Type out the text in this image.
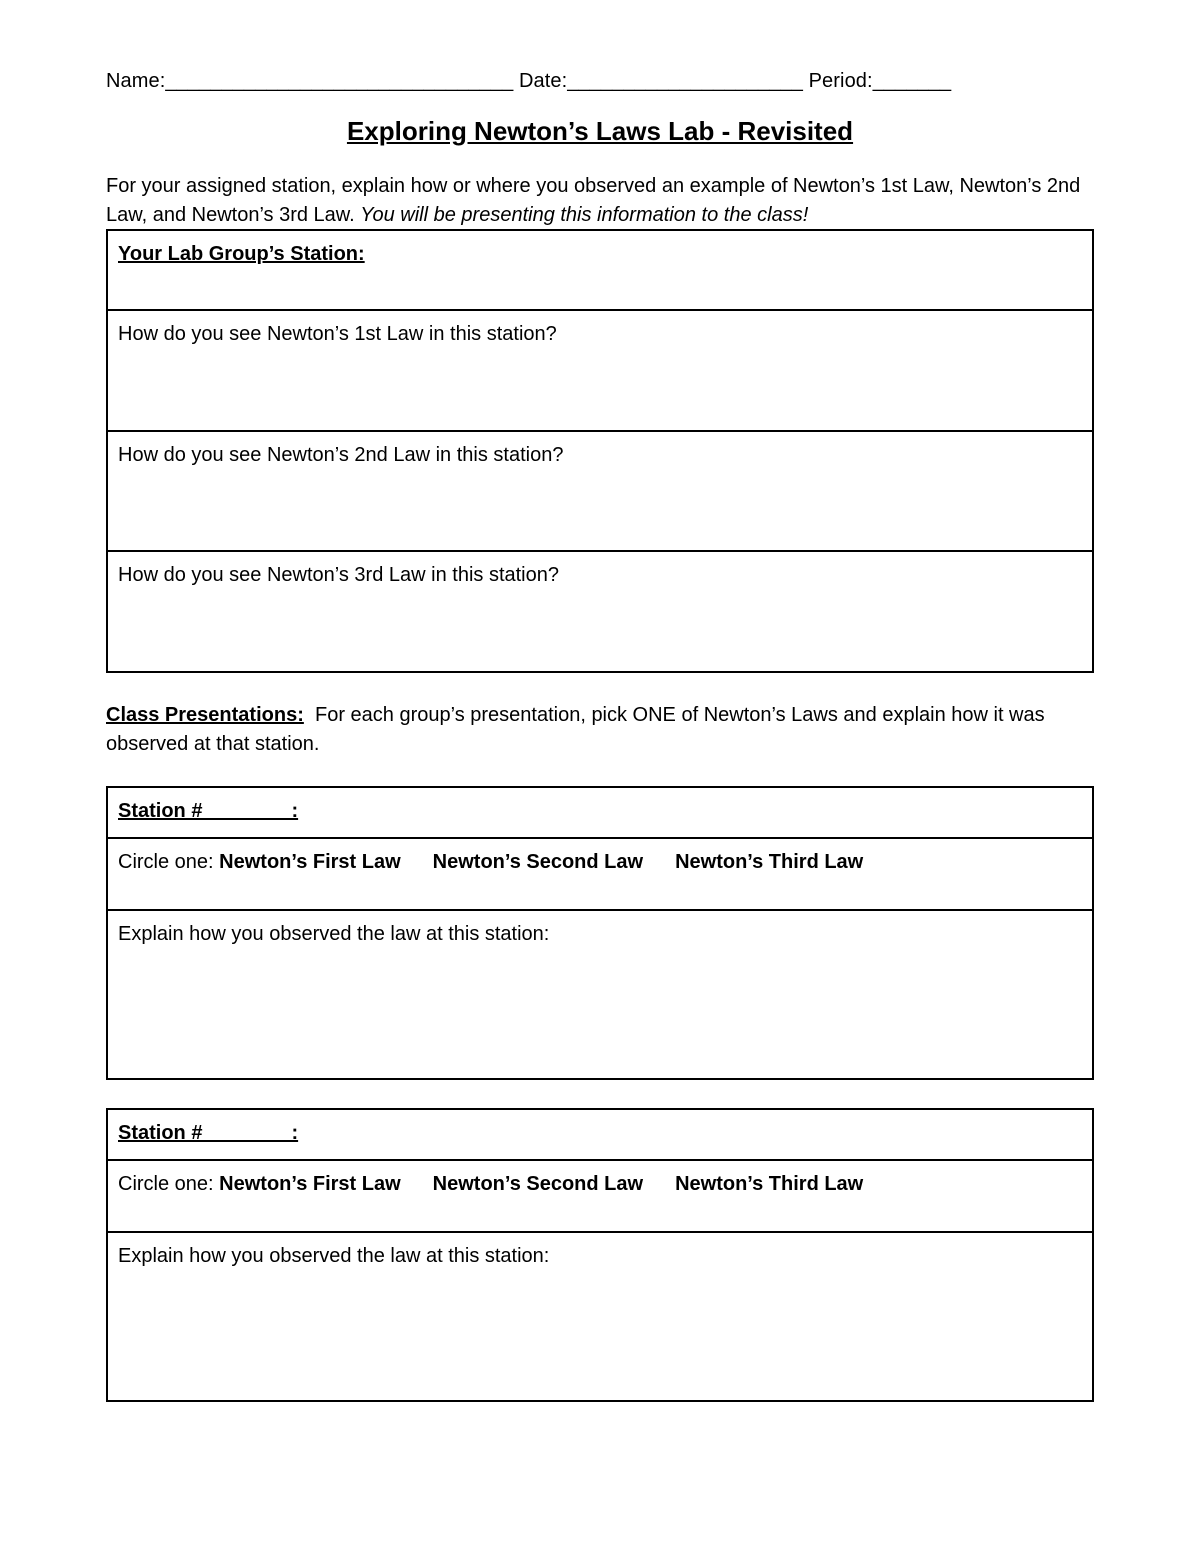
Name:_______________________________ Date:_____________________ Period:_______
Exploring Newton’s Laws Lab - Revisited
For your assigned station, explain how or where you observed an example of Newton’s 1st Law, Newton’s 2nd Law, and Newton’s 3rd Law. You will be presenting this information to the class!
Your Lab Group’s Station:
How do you see Newton’s 1st Law in this station?
How do you see Newton’s 2nd Law in this station?
How do you see Newton’s 3rd Law in this station?
Class Presentations:  For each group’s presentation, pick ONE of Newton’s Laws and explain how it was observed at that station.
Station #________:
Circle one: Newton’s First Law Newton’s Second Law Newton’s Third Law
Explain how you observed the law at this station:
Station #________:
Circle one: Newton’s First Law Newton’s Second Law Newton’s Third Law
Explain how you observed the law at this station:
